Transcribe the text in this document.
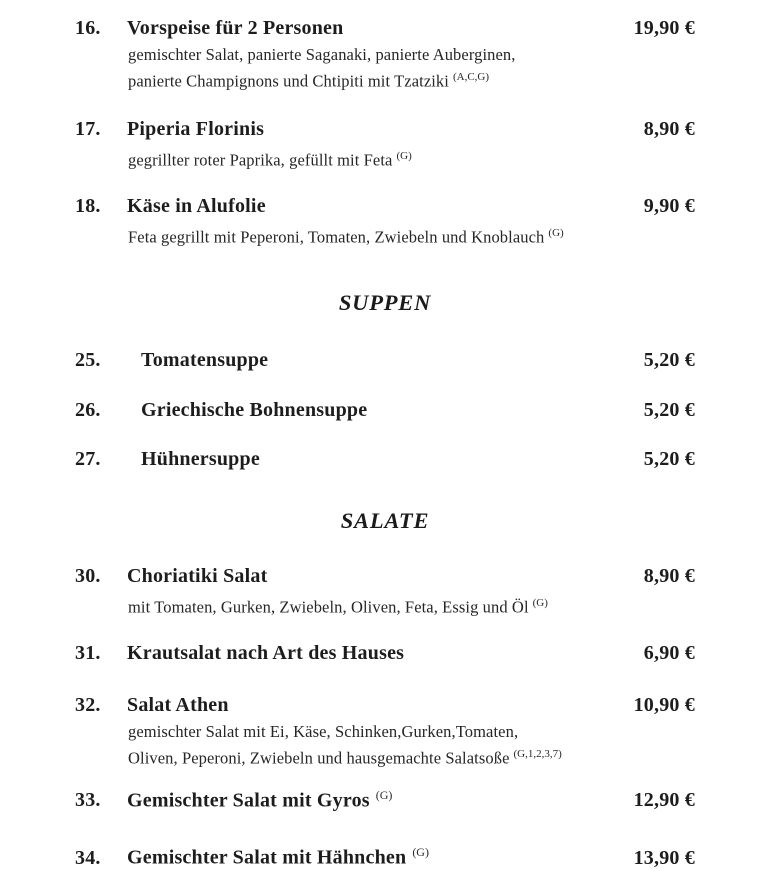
16.	Vorspeise für 2 Personen	19,90 €
gemischter Salat, panierte Saganaki, panierte Auberginen,
panierte Champignons und Chtipiti mit Tzatziki $^{(A,C,G)}$
17.	Piperia Florinis	8,90 €
gegrillter roter Paprika, gefüllt mit Feta $^{(G)}$
18.	Käse in Alufolie	9,90 €
Feta gegrillt mit Peperoni, Tomaten, Zwiebeln und Knoblauch $^{(G)}$
SUPPEN
25.	Tomatensuppe	5,20 €
26.	Griechische Bohnensuppe	5,20 €
27.	Hühnersuppe	5,20 €
SALATE
30.	Choriatiki Salat	8,90 €
mit Tomaten, Gurken, Zwiebeln, Oliven, Feta, Essig und Öl $^{(G)}$
31.	Krautsalat nach Art des Hauses	6,90 €
32.	Salat Athen	10,90 €
gemischter Salat mit Ei, Käse, Schinken,Gurken,Tomaten,
Oliven, Peperoni, Zwiebeln und hausgemachte Salatsoße $^{(G,1,2,3,7)}$
33.	Gemischter Salat mit Gyros $^{(G)}$	12,90 €
34.	Gemischter Salat mit Hähnchen $^{(G)}$	13,90 €
